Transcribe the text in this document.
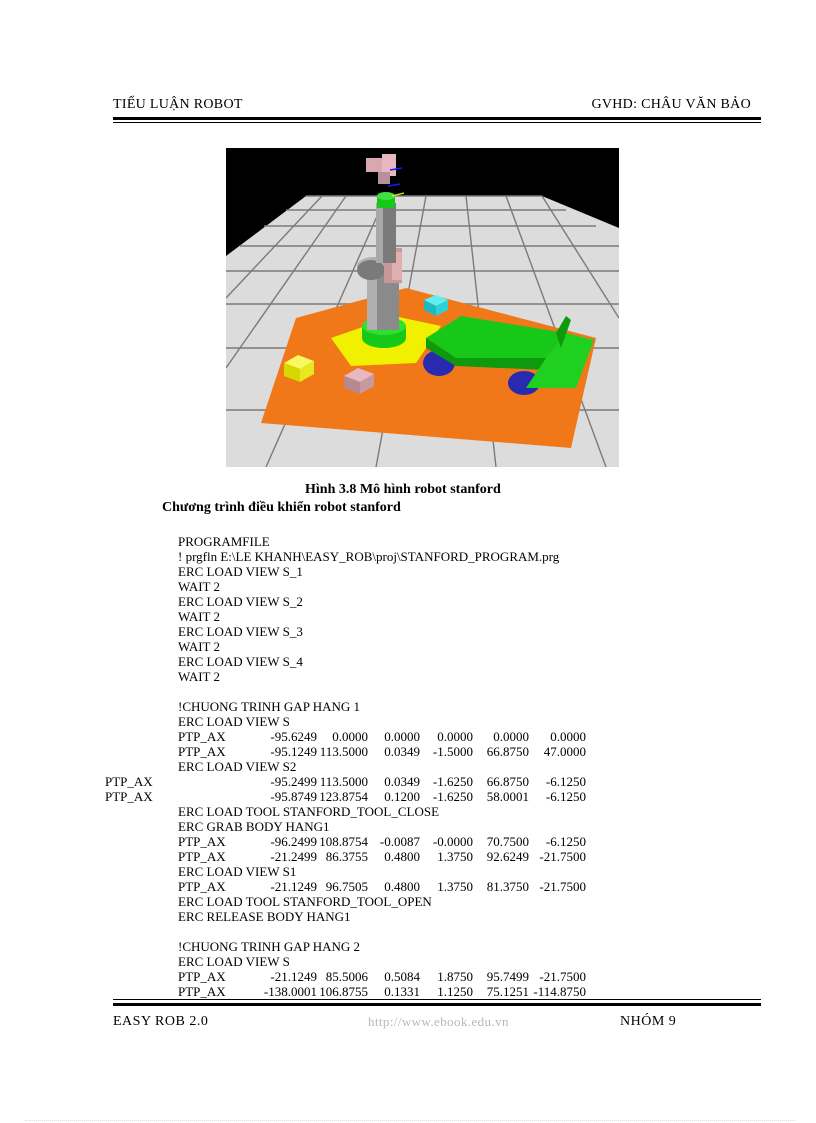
TIỂU LUẬN ROBOT	GVHD: CHÂU VĂN BẢO
Hình 3.8 Mô hình robot stanford
Chương trình điều khiển robot stanford
PROGRAMFILE
! prgfln E:\LE KHANH\EASY_ROB\proj\STANFORD_PROGRAM.prg
ERC LOAD VIEW S_1
WAIT 2
ERC LOAD VIEW S_2
WAIT 2
ERC LOAD VIEW S_3
WAIT 2
ERC LOAD VIEW S_4
WAIT 2
!CHUONG TRINH GAP HANG 1
ERC LOAD VIEW S
PTP_AX	-95.6249	0.0000	0.0000	0.0000	0.0000	0.0000
PTP_AX	-95.1249 113.5000	0.0349 -1.5000	66.8750	47.0000
ERC LOAD VIEW S2
PTP_AX	-95.2499 113.5000	0.0349 -1.6250	66.8750	-6.1250
PTP_AX	-95.8749 123.8754	0.1200 -1.6250	58.0001	-6.1250
ERC LOAD TOOL STANFORD_TOOL_CLOSE
ERC GRAB BODY HANG1
PTP_AX	-96.2499 108.8754 -0.0087 -0.0000	70.7500	-6.1250
PTP_AX	-21.2499 86.3755	0.4800	1.3750	92.6249 -21.7500
ERC LOAD VIEW S1
PTP_AX	-21.1249 96.7505	0.4800	1.3750	81.3750 -21.7500
ERC LOAD TOOL STANFORD_TOOL_OPEN
ERC RELEASE BODY HANG1
!CHUONG TRINH GAP HANG 2
ERC LOAD VIEW S
PTP_AX	-21.1249 85.5006	0.5084	1.8750	95.7499 -21.7500
PTP_AX	-138.0001 106.8755	0.1331	1.1250	75.1251 -114.8750
EASY ROB 2.0	http://www.ebook.edu.vn	NHÓM 9
